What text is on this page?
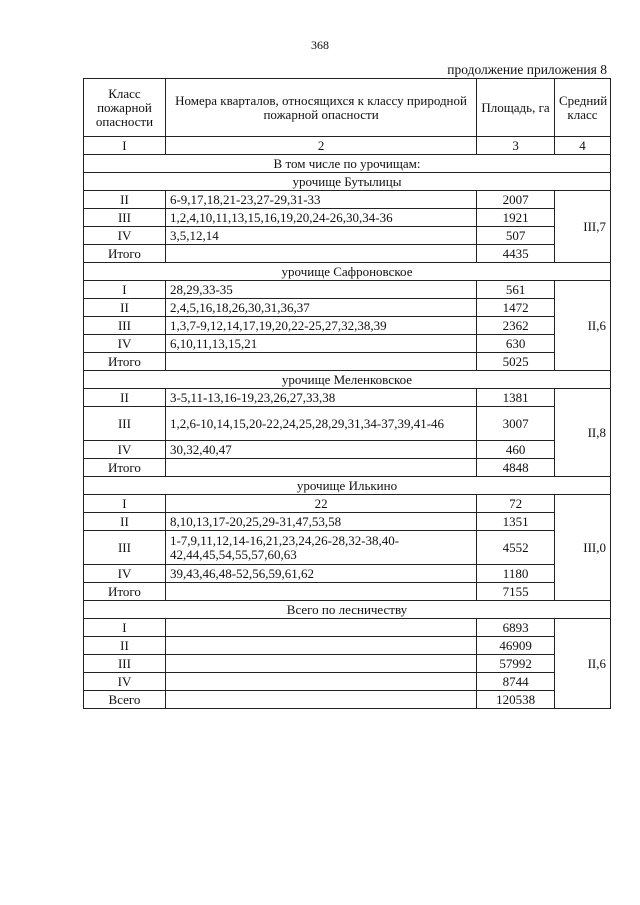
368
продолжение приложения 8
Класс пожарной опасности	Номера кварталов, относящихся к классу природной пожарной опасности	Площадь, га	Средний класс
I	2	3	4
В том числе по урочищам:			
урочище Бутылицы			
II	6-9,17,18,21-23,27-29,31-33	2007	III,7
III	1,2,4,10,11,13,15,16,19,20,24-26,30,34-36	1921	
IV	3,5,12,14	507	
Итого		4435	
урочище Сафроновское			
I	28,29,33-35	561	II,6
II	2,4,5,16,18,26,30,31,36,37	1472	
III	1,3,7-9,12,14,17,19,20,22-25,27,32,38,39	2362	
IV	6,10,11,13,15,21	630	
Итого		5025	
урочище Меленковское			
II	3-5,11-13,16-19,23,26,27,33,38	1381	II,8
III	1,2,6-10,14,15,20-22,24,25,28,29,31,34-37,39,41-46	3007	
IV	30,32,40,47	460	
Итого		4848	
урочище Илькино			
I	22	72	III,0
II	8,10,13,17-20,25,29-31,47,53,58	1351	
III	1-7,9,11,12,14-16,21,23,24,26-28,32-38,40-42,44,45,54,55,57,60,63	4552	
IV	39,43,46,48-52,56,59,61,62	1180	
Итого		7155	
Всего по лесничеству			
I		6893	II,6
II		46909	
III		57992	
IV		8744	
Всего		120538	
